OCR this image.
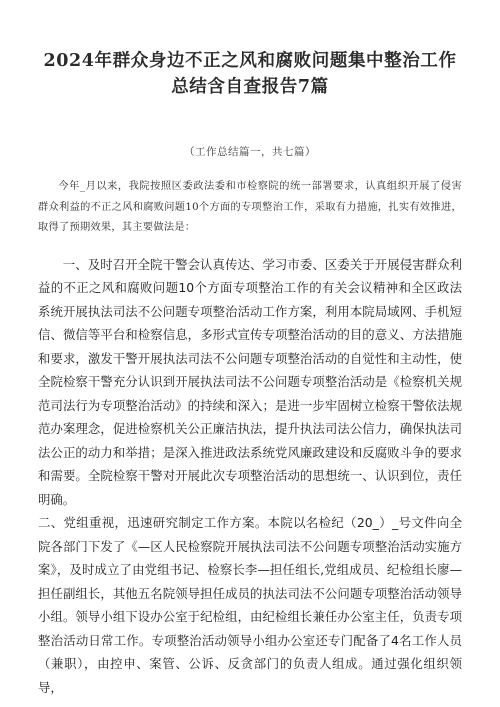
2024年群众身边不正之风和腐败问题集中整治工作
总结含自查报告7篇
（工作总结篇一，共七篇）

今年_月以来，我院按照区委政法委和市检察院的统一部署要求，认真组织开展了侵害群众利益的不正之风和腐败问题10个方面的专项整治工作，采取有力措施，扎实有效推进，取得了预期效果，其主要做法是：

一、及时召开全院干警会认真传达、学习市委、区委关于开展侵害群众利益的不正之风和腐败问题10个方面专项整治工作的有关会议精神和全区政法系统开展执法司法不公问题专项整治活动工作方案，利用本院局域网、手机短信、微信等平台和检察信息，多形式宣传专项整治活动的目的意义、方法措施和要求，激发干警开展执法司法不公问题专项整治活动的自觉性和主动性，使全院检察干警充分认识到开展执法司法不公问题专项整治活动是《检察机关规范司法行为专项整治活动》的持续和深入；是进一步牢固树立检察干警依法规范办案理念，促进检察机关公正廉洁执法，提升执法司法公信力，确保执法司法公正的动力和举措；是深入推进政法系统党风廉政建设和反腐败斗争的要求和需要。全院检察干警对开展此次专项整治活动的思想统一、认识到位，责任明确。

二、党组重视，迅速研究制定工作方案。本院以名检纪（20_）_号文件向全院各部门下发了《—区人民检察院开展执法司法不公问题专项整治活动实施方案》，及时成立了由党组书记、检察长李—担任组长,党组成员、纪检组长廖—担任副组长，其他五名院领导担任成员的执法司法不公问题专项整治活动领导小组。领导小组下设办公室于纪检组，由纪检组长兼任办公室主任，负责专项整治活动日常工作。专项整治活动领导小组办公室还专门配备了4名工作人员（兼职），由控申、案管、公诉、反贪部门的负责人组成。通过强化组织领导，
